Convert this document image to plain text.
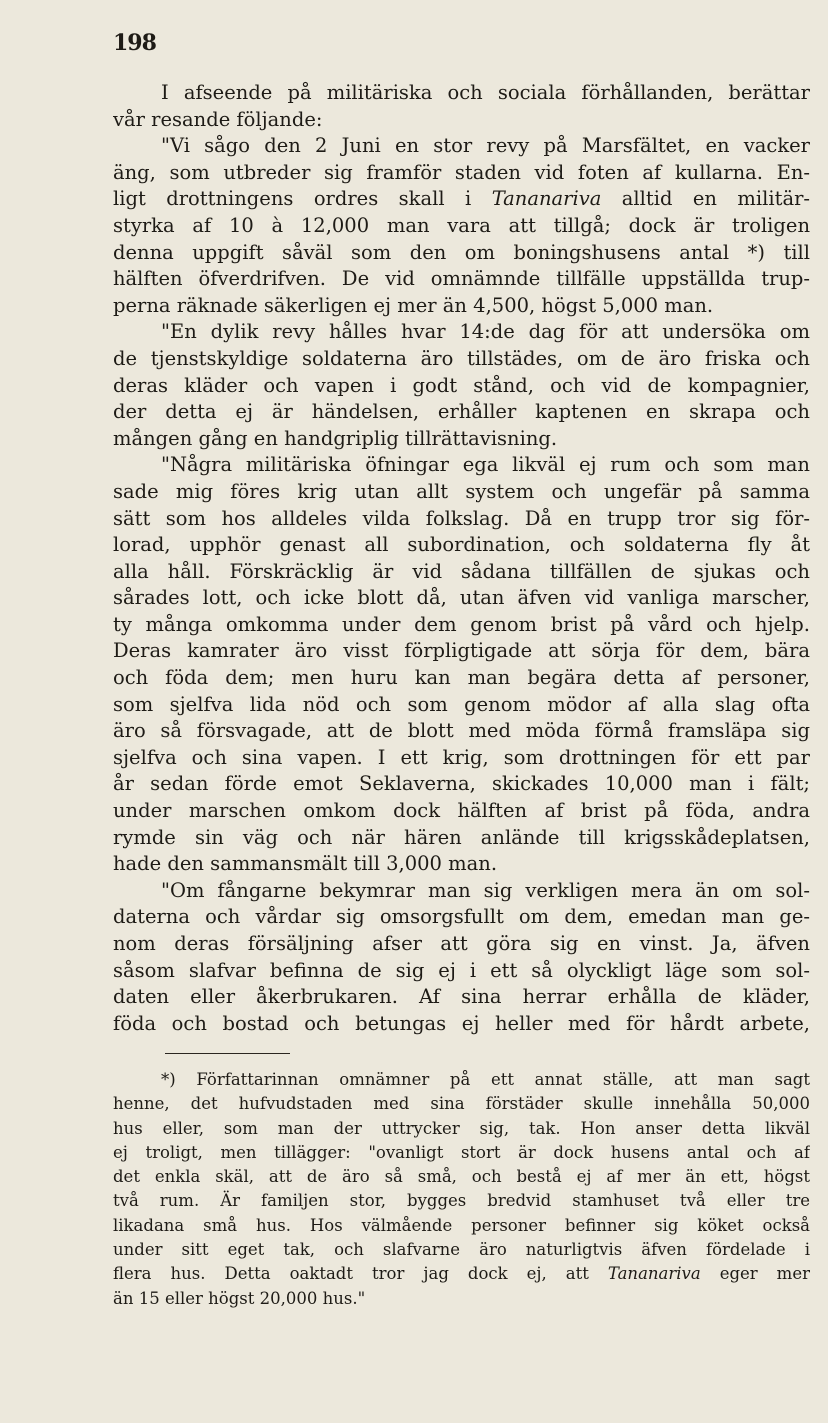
198
I afseende på militäriska och sociala förhållanden, berättar
vår resande följande:
"Vi sågo den 2 Juni en stor revy på Marsfältet, en vacker
äng, som utbreder sig framför staden vid foten af kullarna. En-
ligt drottningens ordres skall i Tananariva alltid en militär-
styrka af 10 à 12,000 man vara att tillgå; dock är troligen
denna uppgift såväl som den om boningshusens antal *) till
hälften öfverdrifven. De vid omnämnde tillfälle uppställda trup-
perna räknade säkerligen ej mer än 4,500, högst 5,000 man.
"En dylik revy hålles hvar 14:de dag för att undersöka om
de tjenstskyldige soldaterna äro tillstädes, om de äro friska och
deras kläder och vapen i godt stånd, och vid de kompagnier,
der detta ej är händelsen, erhåller kaptenen en skrapa och
mången gång en handgriplig tillrättavisning.
"Några militäriska öfningar ega likväl ej rum och som man
sade mig föres krig utan allt system och ungefär på samma
sätt som hos alldeles vilda folkslag. Då en trupp tror sig för-
lorad, upphör genast all subordination, och soldaterna fly åt
alla håll. Förskräcklig är vid sådana tillfällen de sjukas och
sårades lott, och icke blott då, utan äfven vid vanliga marscher,
ty många omkomma under dem genom brist på vård och hjelp.
Deras kamrater äro visst förpligtigade att sörja för dem, bära
och föda dem; men huru kan man begära detta af personer,
som sjelfva lida nöd och som genom mödor af alla slag ofta
äro så försvagade, att de blott med möda förmå framsläpa sig
sjelfva och sina vapen. I ett krig, som drottningen för ett par
år sedan förde emot Seklaverna, skickades 10,000 man i fält;
under marschen omkom dock hälften af brist på föda, andra
rymde sin väg och när hären anlände till krigsskådeplatsen,
hade den sammansmält till 3,000 man.
"Om fångarne bekymrar man sig verkligen mera än om sol-
daterna och vårdar sig omsorgsfullt om dem, emedan man ge-
nom deras försäljning afser att göra sig en vinst. Ja, äfven
såsom slafvar befinna de sig ej i ett så olyckligt läge som sol-
daten eller åkerbrukaren. Af sina herrar erhålla de kläder,
föda och bostad och betungas ej heller med för hårdt arbete,
*) Författarinnan omnämner på ett annat ställe, att man sagt
henne, det hufvudstaden med sina förstäder skulle innehålla 50,000
hus eller, som man der uttrycker sig, tak. Hon anser detta likväl
ej troligt, men tillägger: "ovanligt stort är dock husens antal och af
det enkla skäl, att de äro så små, och bestå ej af mer än ett, högst
två rum. Är familjen stor, bygges bredvid stamhuset två eller tre
likadana små hus. Hos välmående personer befinner sig köket också
under sitt eget tak, och slafvarne äro naturligtvis äfven fördelade i
flera hus. Detta oaktadt tror jag dock ej, att Tananariva eger mer
än 15 eller högst 20,000 hus."
